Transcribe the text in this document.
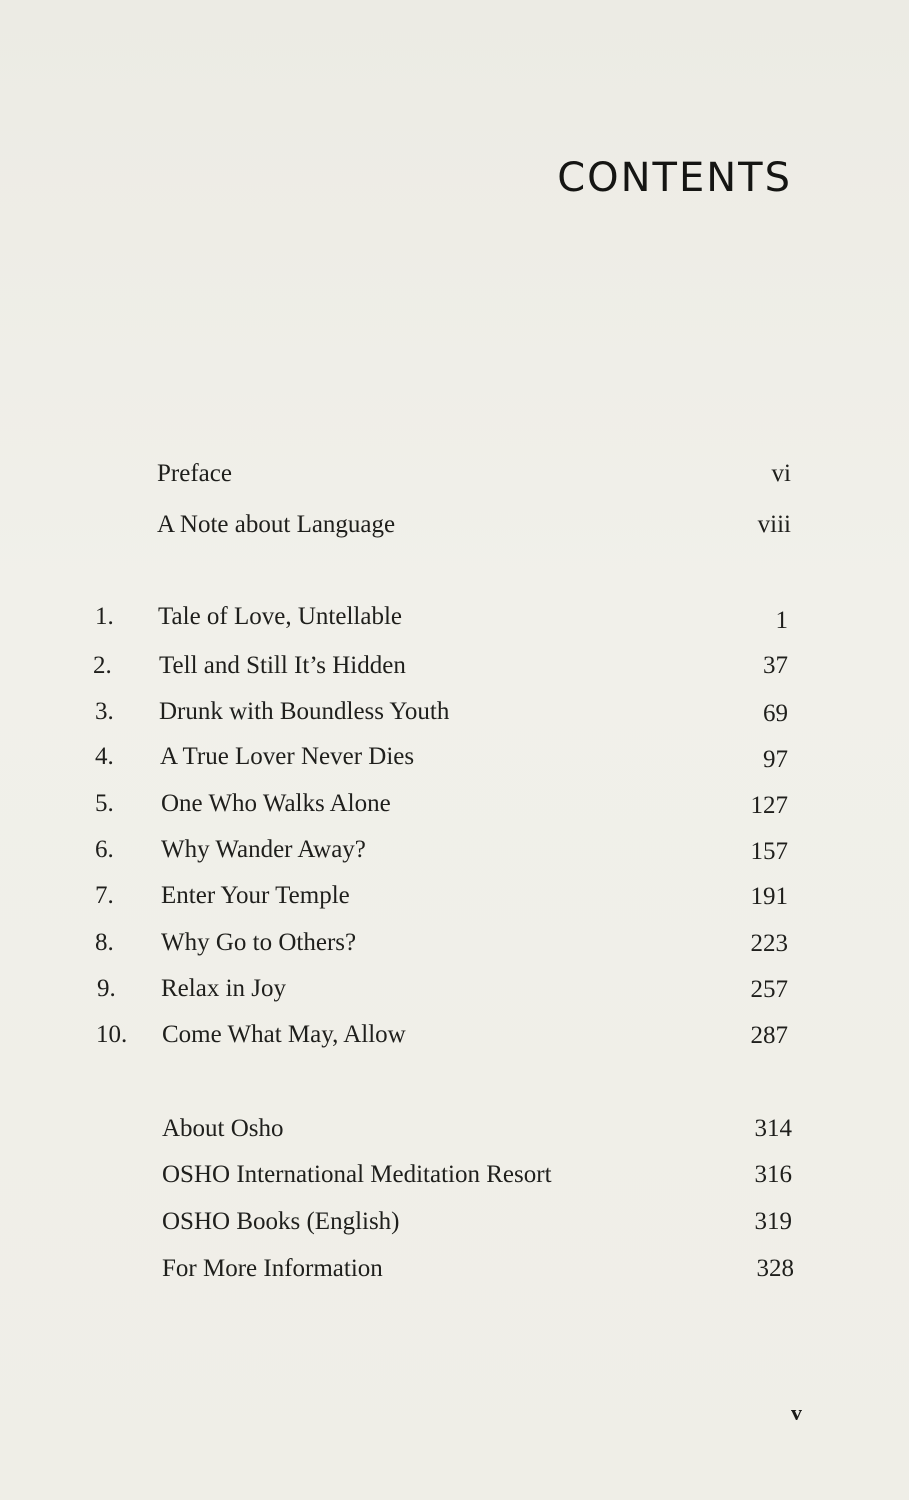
CONTENTS
Preface	vi
A Note about Language	viii
1. Tale of Love, Untellable	1
2. Tell and Still It’s Hidden	37
3. Drunk with Boundless Youth	69
4. A True Lover Never Dies	97
5. One Who Walks Alone	127
6. Why Wander Away?	157
7. Enter Your Temple	191
8. Why Go to Others?	223
9. Relax in Joy	257
10. Come What May, Allow	287
About Osho	314
OSHO International Meditation Resort	316
OSHO Books (English)	319
For More Information	328
v
